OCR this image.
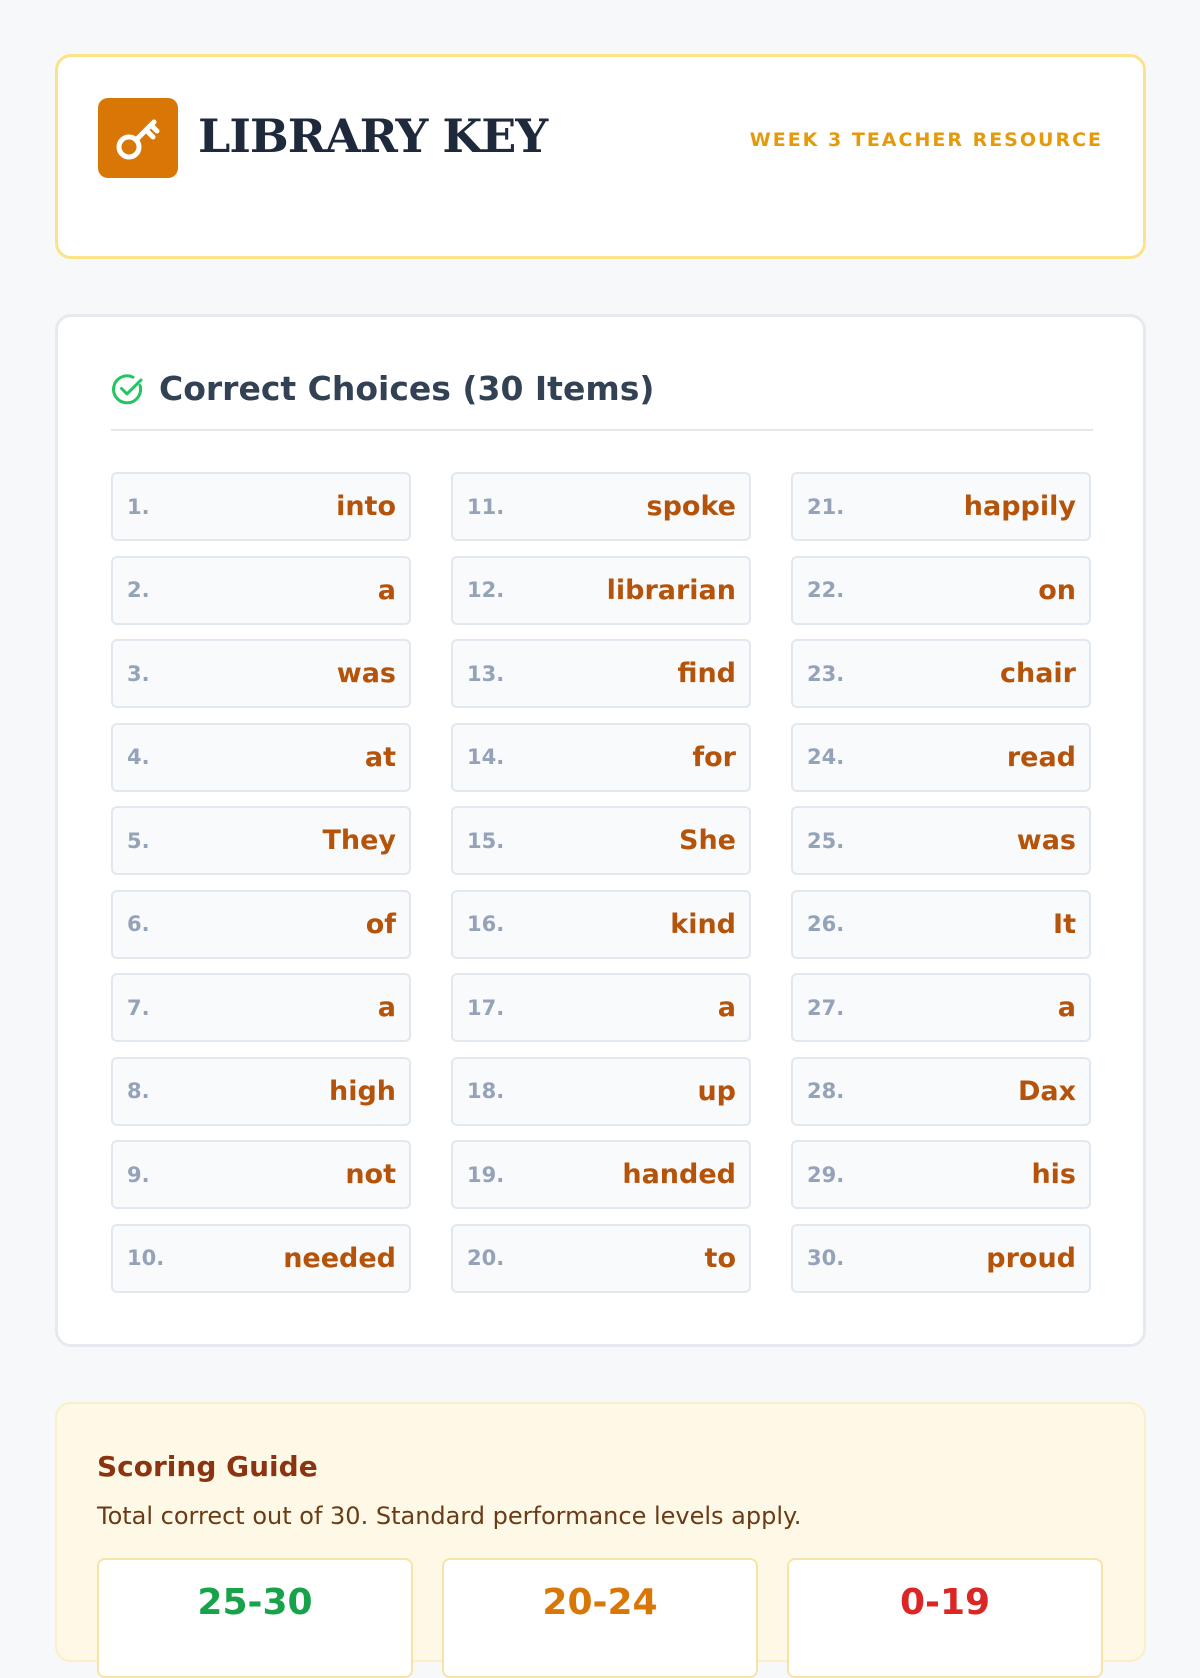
LIBRARY KEY	WEEK 3 TEACHER RESOURCE
Correct Choices (30 Items)
1.	into
2.	a
3.	was
4.	at
5.	They
6.	of
7.	a
8.	high
9.	not
10.	needed
11.	spoke
12.	librarian
13.	find
14.	for
15.	She
16.	kind
17.	a
18.	up
19.	handed
20.	to
21.	happily
22.	on
23.	chair
24.	read
25.	was
26.	It
27.	a
28.	Dax
29.	his
30.	proud
Scoring Guide
Total correct out of 30. Standard performance levels apply.
25-30	20-24	0-19
